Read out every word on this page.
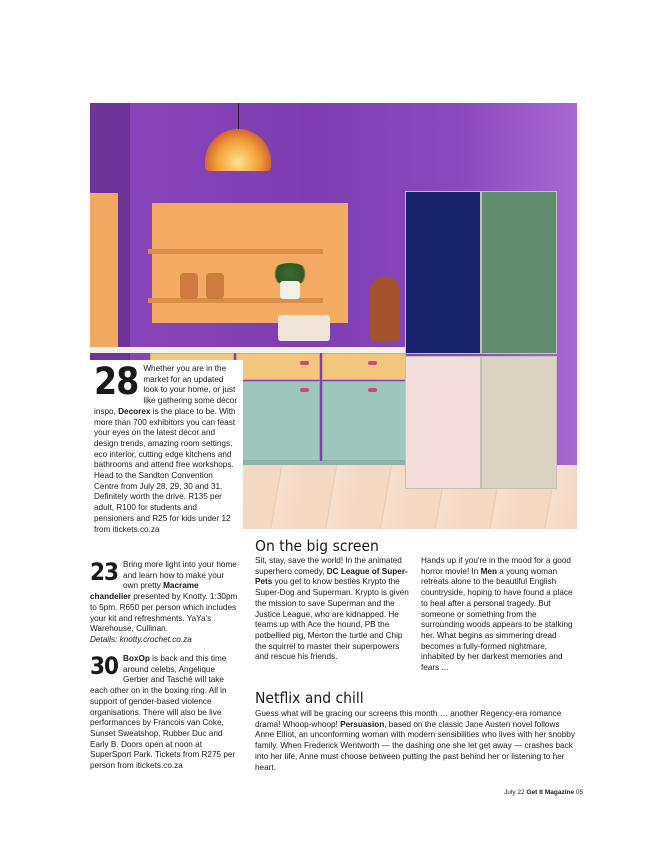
28 Whether you are in the market for an updated look to your home, or just like gathering some décor inspo, Decorex is the place to be. With more than 700 exhibitors you can feast your eyes on the latest décor and design trends, amazing room settings, eco interior, cutting edge kitchens and bathrooms and attend free workshops. Head to the Sandton Convention Centre from July 28, 29, 30 and 31. Definitely worth the drive. R135 per adult, R100 for students and pensioners and R25 for kids under 12 from itickets.co.za
23 Bring more light into your home and learn how to make your own pretty Macrame chandelier presented by Knotty. 1:30pm to 5pm. R650 per person which includes your kit and refreshments. YaYa's Warehouse, Cullinan.
Details: knotty.crochet.co.za
30 BoxOp is back and this time around celebs, Angelique Gerber and Tasché will take each other on in the boxing ring. All in support of gender-based violence organisations. There will also be live performances by Francois van Coke, Sunset Sweatshop, Rubber Duc and Early B. Doors open at noon at SuperSport Park. Tickets from R275 per person from itickets.co.za
On the big screen
Sit, stay, save the world! In the animated superhero comedy, DC League of Super-Pets you get to know besties Krypto the Super-Dog and Superman. Krypto is given the mission to save Superman and the Justice League, who are kidnapped. He teams up with Ace the hound, PB the potbellied pig, Merton the turtle and Chip the squirrel to master their superpowers and rescue his friends.
Hands up if you're in the mood for a good horror movie! In Men a young woman retreats alone to the beautiful English countryside, hoping to have found a place to heal after a personal tragedy. But someone or something from the surrounding woods appears to be stalking her. What begins as simmering dread becomes a fully-formed nightmare, inhabited by her darkest memories and fears ...
Netflix and chill
Guess what will be gracing our screens this month … another Regency-era romance drama! Whoop-whoop! Persuasion, based on the classic Jane Austen novel follows Anne Elliot, an unconforming woman with modern sensibilities who lives with her snobby family. When Frederick Wentworth — the dashing one she let get away — crashes back into her life, Anne must choose between putting the past behind her or listening to her heart.
July 22 Get It Magazine 05
